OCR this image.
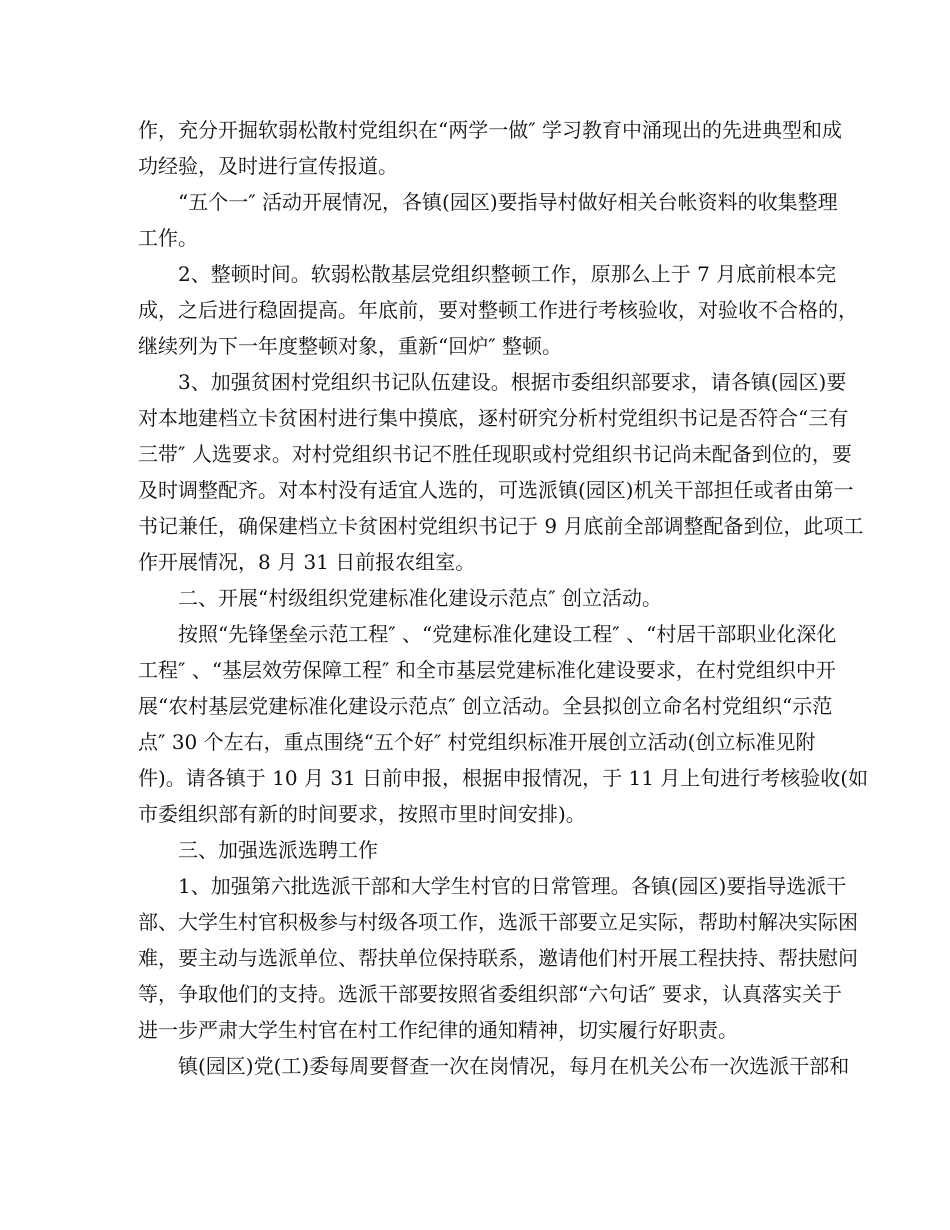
作，充分开掘软弱松散村党组织在“两学一做″ 学习教育中涌现出的先进典型和成
功经验，及时进行宣传报道。
“五个一″ 活动开展情况，各镇(园区)要指导村做好相关台帐资料的收集整理
工作。
2、整顿时间。软弱松散基层党组织整顿工作，原那么上于 7 月底前根本完
成，之后进行稳固提高。年底前，要对整顿工作进行考核验收，对验收不合格的，
继续列为下一年度整顿对象，重新“回炉″ 整顿。
3、加强贫困村党组织书记队伍建设。根据市委组织部要求，请各镇(园区)要
对本地建档立卡贫困村进行集中摸底，逐村研究分析村党组织书记是否符合“三有
三带″ 人选要求。对村党组织书记不胜任现职或村党组织书记尚未配备到位的，要
及时调整配齐。对本村没有适宜人选的，可选派镇(园区)机关干部担任或者由第一
书记兼任，确保建档立卡贫困村党组织书记于 9 月底前全部调整配备到位，此项工
作开展情况，8 月 31 日前报农组室。
二、开展“村级组织党建标准化建设示范点″ 创立活动。
按照“先锋堡垒示范工程″ 、“党建标准化建设工程″ 、“村居干部职业化深化
工程″ 、“基层效劳保障工程″ 和全市基层党建标准化建设要求，在村党组织中开
展“农村基层党建标准化建设示范点″ 创立活动。全县拟创立命名村党组织“示范
点″ 30 个左右，重点围绕“五个好″ 村党组织标准开展创立活动(创立标准见附
件)。请各镇于 10 月 31 日前申报，根据申报情况，于 11 月上旬进行考核验收(如
市委组织部有新的时间要求，按照市里时间安排)。
三、加强选派选聘工作
1、加强第六批选派干部和大学生村官的日常管理。各镇(园区)要指导选派干
部、大学生村官积极参与村级各项工作，选派干部要立足实际，帮助村解决实际困
难，要主动与选派单位、帮扶单位保持联系，邀请他们村开展工程扶持、帮扶慰问
等，争取他们的支持。选派干部要按照省委组织部“六句话″ 要求，认真落实关于
进一步严肃大学生村官在村工作纪律的通知精神，切实履行好职责。
镇(园区)党(工)委每周要督查一次在岗情况，每月在机关公布一次选派干部和
